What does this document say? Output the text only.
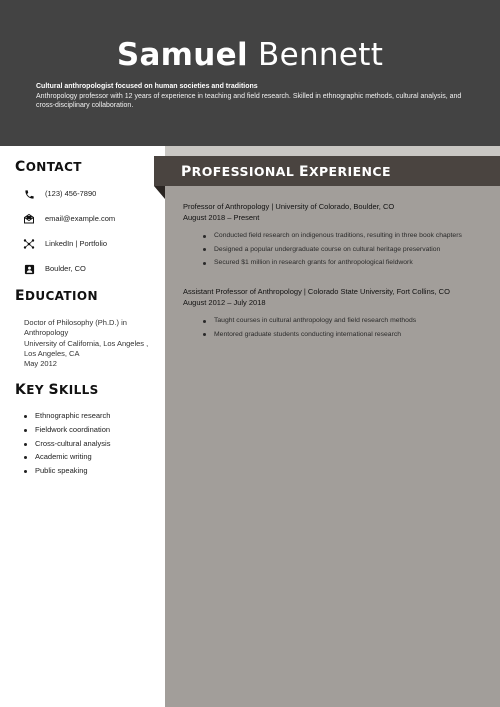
Samuel Bennett
Cultural anthropologist focused on human societies and traditions
Anthropology professor with 12 years of experience in teaching and field research. Skilled in ethnographic methods, cultural analysis, and cross-disciplinary collaboration.
CONTACT
(123) 456-7890
email@example.com
LinkedIn | Portfolio
Boulder, CO
EDUCATION
Doctor of Philosophy (Ph.D.) in Anthropology
University of California, Los Angeles , Los Angeles, CA
May 2012
KEY SKILLS
Ethnographic research
Fieldwork coordination
Cross-cultural analysis
Academic writing
Public speaking
PROFESSIONAL EXPERIENCE
Professor of Anthropology | University of Colorado, Boulder, CO
August 2018 – Present
Conducted field research on indigenous traditions, resulting in three book chapters
Designed a popular undergraduate course on cultural heritage preservation
Secured $1 million in research grants for anthropological fieldwork
Assistant Professor of Anthropology | Colorado State University, Fort Collins, CO
August 2012 – July 2018
Taught courses in cultural anthropology and field research methods
Mentored graduate students conducting international research
